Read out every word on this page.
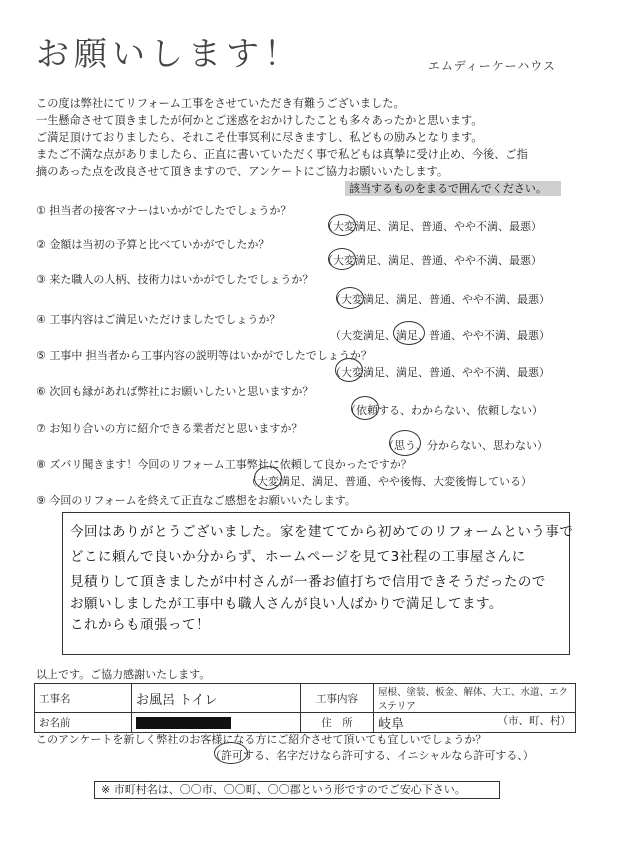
お願いします！	エムディーケーハウス
この度は弊社にてリフォーム工事をさせていただき有難うございました。
一生懸命させて頂きましたが何かとご迷惑をおかけしたことも多々あったかと思います。
ご満足頂けておりましたら、それこそ仕事冥利に尽きますし、私どもの励みとなります。
またご不満な点がありましたら、正直に書いていただく事で私どもは真摯に受け止め、今後、ご指
摘のあった点を改良させて頂きますので、アンケートにご協力お願いいたします。
該当するものをまるで囲んでください。
① 担当者の接客マナーはいかがでしたでしょうか？
（大変満足、満足、普通、やや不満、最悪）
② 金額は当初の予算と比べていかがでしたか？
（大変満足、満足、普通、やや不満、最悪）
③ 来た職人の人柄、技術力はいかがでしたでしょうか？
（大変満足、満足、普通、やや不満、最悪）
④ 工事内容はご満足いただけましたでしょうか？
（大変満足、満足、普通、やや不満、最悪）
⑤ 工事中 担当者から工事内容の説明等はいかがでしたでしょうか？
（大変満足、満足、普通、やや不満、最悪）
⑥ 次回も縁があれば弊社にお願いしたいと思いますか？
（依頼する、わからない、依頼しない）
⑦ お知り合いの方に紹介できる業者だと思いますか？
（思う、分からない、思わない）
⑧ ズバリ聞きます！今回のリフォーム工事弊社に依頼して良かったですか？
（大変満足、満足、普通、やや後悔、大変後悔している）
⑨ 今回のリフォームを終えて正直なご感想をお願いいたします。
今回はありがとうございました。家を建ててから初めてのリフォームという事で
どこに頼んで良いか分からず、ホームページを見て3社程の工事屋さんに
見積りして頂きましたが中村さんが一番お値打ちで信用できそうだったので
お願いしましたが工事中も職人さんが良い人ばかりで満足してます。
これからも頑張って！
以上です。ご協力感謝いたします。
工事名	お風呂 トイレ	工事内容	屋根、塗装、板金、解体、大工、水道、エクステリア
お名前		住　所	岐阜 （市、町、村）
このアンケートを新しく弊社のお客様になる方にご紹介させて頂いても宜しいでしょうか？
（許可する、名字だけなら許可する、イニシャルなら許可する、）
※ 市町村名は、〇〇市、〇〇町、〇〇郡という形ですのでご安心下さい。
